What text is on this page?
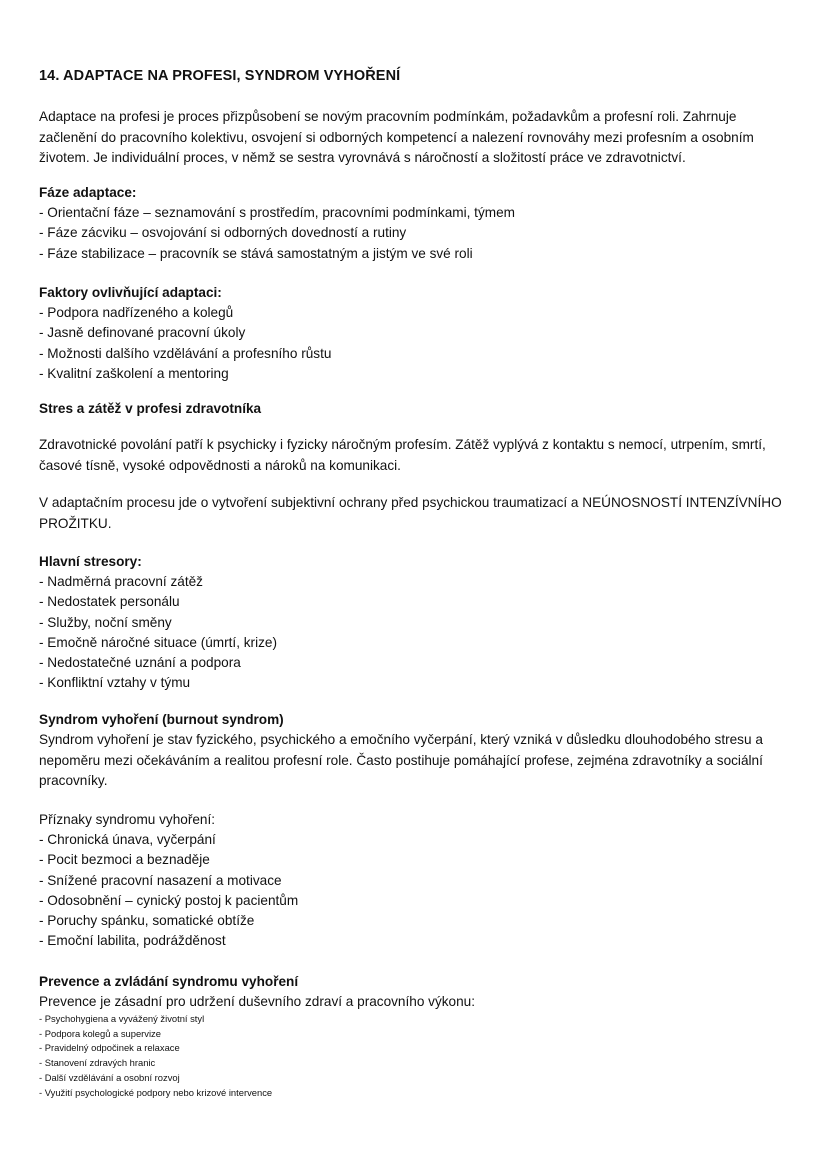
14. ADAPTACE NA PROFESI, SYNDROM VYHOŘENÍ
Adaptace na profesi je proces přizpůsobení se novým pracovním podmínkám, požadavkům a profesní roli. Zahrnuje začlenění do pracovního kolektivu, osvojení si odborných kompetencí a nalezení rovnováhy mezi profesním a osobním životem. Je individuální proces, v němž se sestra vyrovnává s náročností a složitostí práce ve zdravotnictví.
Fáze adaptace:
- Orientační fáze – seznamování s prostředím, pracovními podmínkami, týmem
- Fáze zácviku – osvojování si odborných dovedností a rutiny
- Fáze stabilizace – pracovník se stává samostatným a jistým ve své roli
Faktory ovlivňující adaptaci:
- Podpora nadřízeného a kolegů
- Jasně definované pracovní úkoly
- Možnosti dalšího vzdělávání a profesního růstu
- Kvalitní zaškolení a mentoring
Stres a zátěž v profesi zdravotníka
Zdravotnické povolání patří k psychicky i fyzicky náročným profesím. Zátěž vyplývá z kontaktu s nemocí, utrpením, smrtí, časové tísně, vysoké odpovědnosti a nároků na komunikaci.
V adaptačním procesu jde o vytvoření subjektivní ochrany před psychickou traumatizací a NEÚNOSNOSTÍ INTENZÍVNÍHO PROŽITKU.
Hlavní stresory:
- Nadměrná pracovní zátěž
- Nedostatek personálu
- Služby, noční směny
- Emočně náročné situace (úmrtí, krize)
- Nedostatečné uznání a podpora
- Konfliktní vztahy v týmu
Syndrom vyhoření (burnout syndrom)
Syndrom vyhoření je stav fyzického, psychického a emočního vyčerpání, který vzniká v důsledku dlouhodobého stresu a nepoměru mezi očekáváním a realitou profesní role. Často postihuje pomáhající profese, zejména zdravotníky a sociální pracovníky.
Příznaky syndromu vyhoření:
- Chronická únava, vyčerpání
- Pocit bezmoci a beznaděje
- Snížené pracovní nasazení a motivace
- Odosobnění – cynický postoj k pacientům
- Poruchy spánku, somatické obtíže
- Emoční labilita, podrážděnost
Prevence a zvládání syndromu vyhoření
Prevence je zásadní pro udržení duševního zdraví a pracovního výkonu:
- Psychohygiena a vyvážený životní styl
- Podpora kolegů a supervize
- Pravidelný odpočinek a relaxace
- Stanovení zdravých hranic
- Další vzdělávání a osobní rozvoj
- Využití psychologické podpory nebo krizové intervence
